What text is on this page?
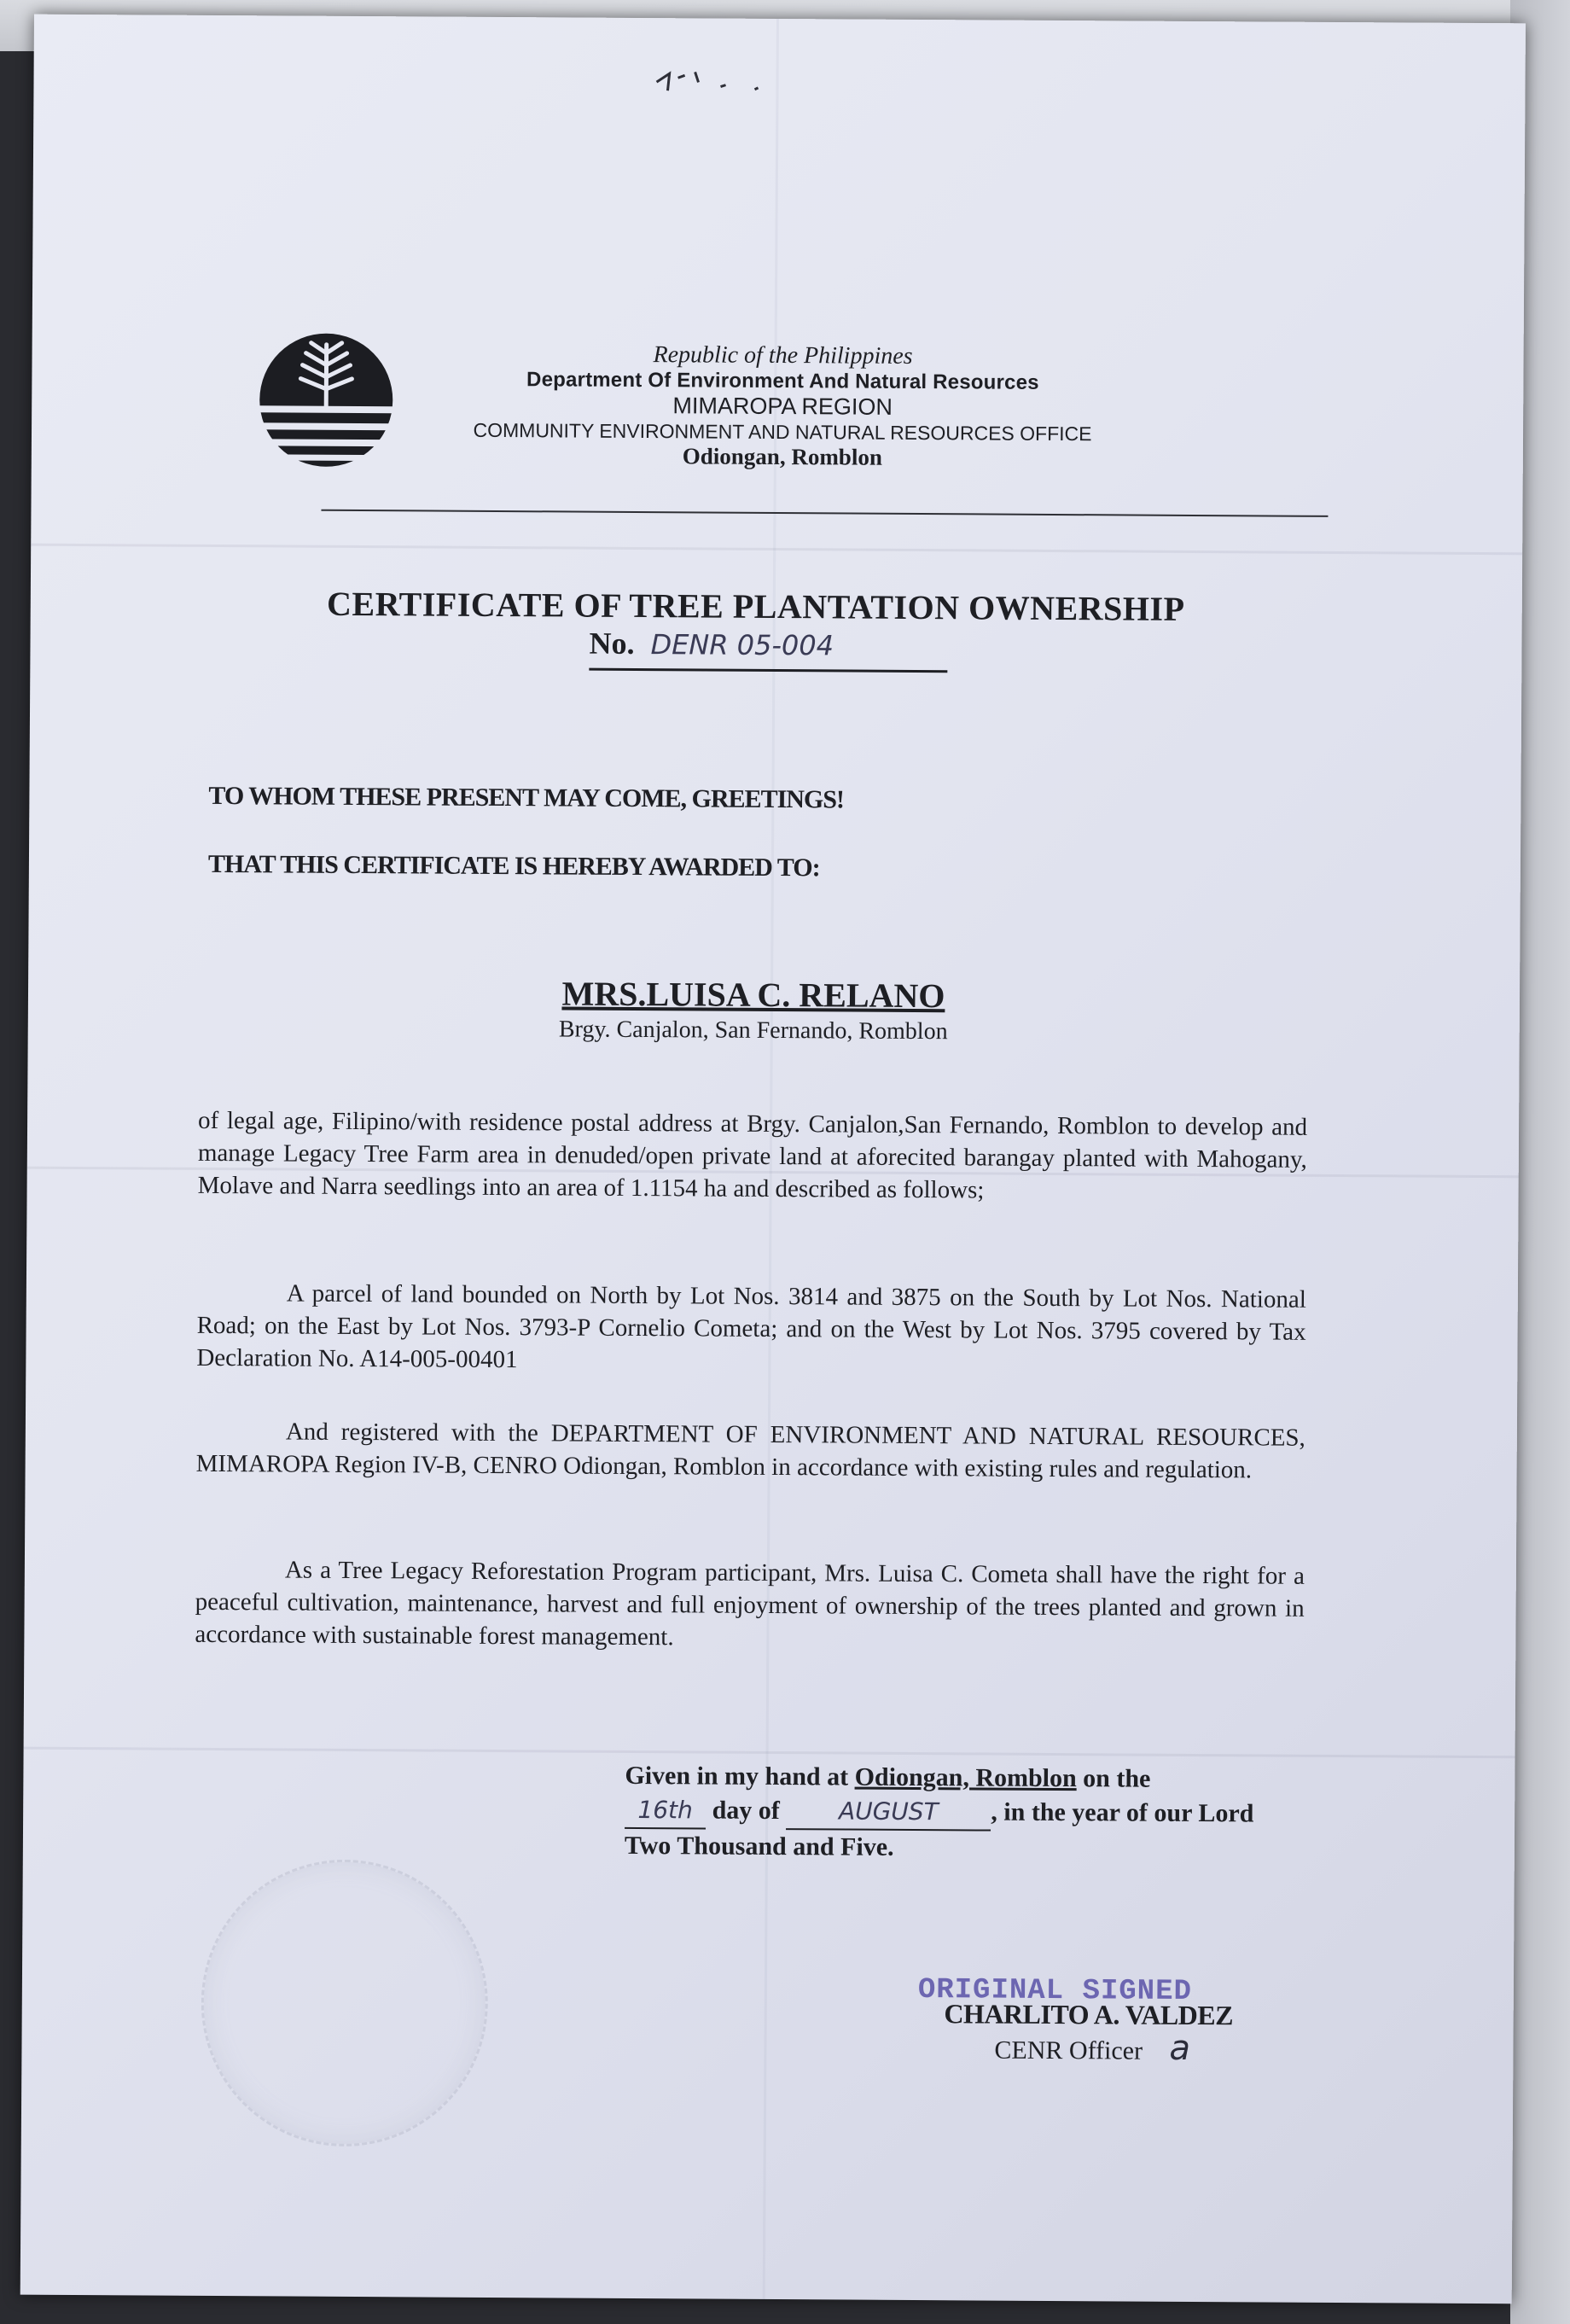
Republic of the Philippines
Department Of Environment And Natural Resources
MIMAROPA REGION
COMMUNITY ENVIRONMENT AND NATURAL RESOURCES OFFICE
Odiongan, Romblon
CERTIFICATE OF TREE PLANTATION OWNERSHIP
No. DENR 05-004
TO WHOM THESE PRESENT MAY COME, GREETINGS!
THAT THIS CERTIFICATE IS HEREBY AWARDED TO:
MRS.LUISA C. RELANO
Brgy. Canjalon, San Fernando, Romblon
of legal age, Filipino/with residence postal address at Brgy. Canjalon,San Fernando, Romblon to develop and manage Legacy Tree Farm area in denuded/open private land at aforecited barangay planted with Mahogany, Molave and Narra seedlings into an area of 1.1154 ha and described as follows;
A parcel of land bounded on North by Lot Nos. 3814 and 3875 on the South by Lot Nos. National Road; on the East by Lot Nos. 3793-P Cornelio Cometa; and on the West by Lot Nos. 3795 covered by Tax Declaration No. A14-005-00401
And registered with the DEPARTMENT OF ENVIRONMENT AND NATURAL RESOURCES, MIMAROPA Region IV-B, CENRO Odiongan, Romblon in accordance with existing rules and regulation.
As a Tree Legacy Reforestation Program participant, Mrs. Luisa C. Cometa shall have the right for a peaceful cultivation, maintenance, harvest and full enjoyment of ownership of the trees planted and grown in accordance with sustainable forest management.
Given in my hand at Odiongan, Romblon on the
16th day of AUGUST , in the year of our Lord
Two Thousand and Five.
ORIGINAL SIGNED
CHARLITO A. VALDEZ
CENR Officer a
